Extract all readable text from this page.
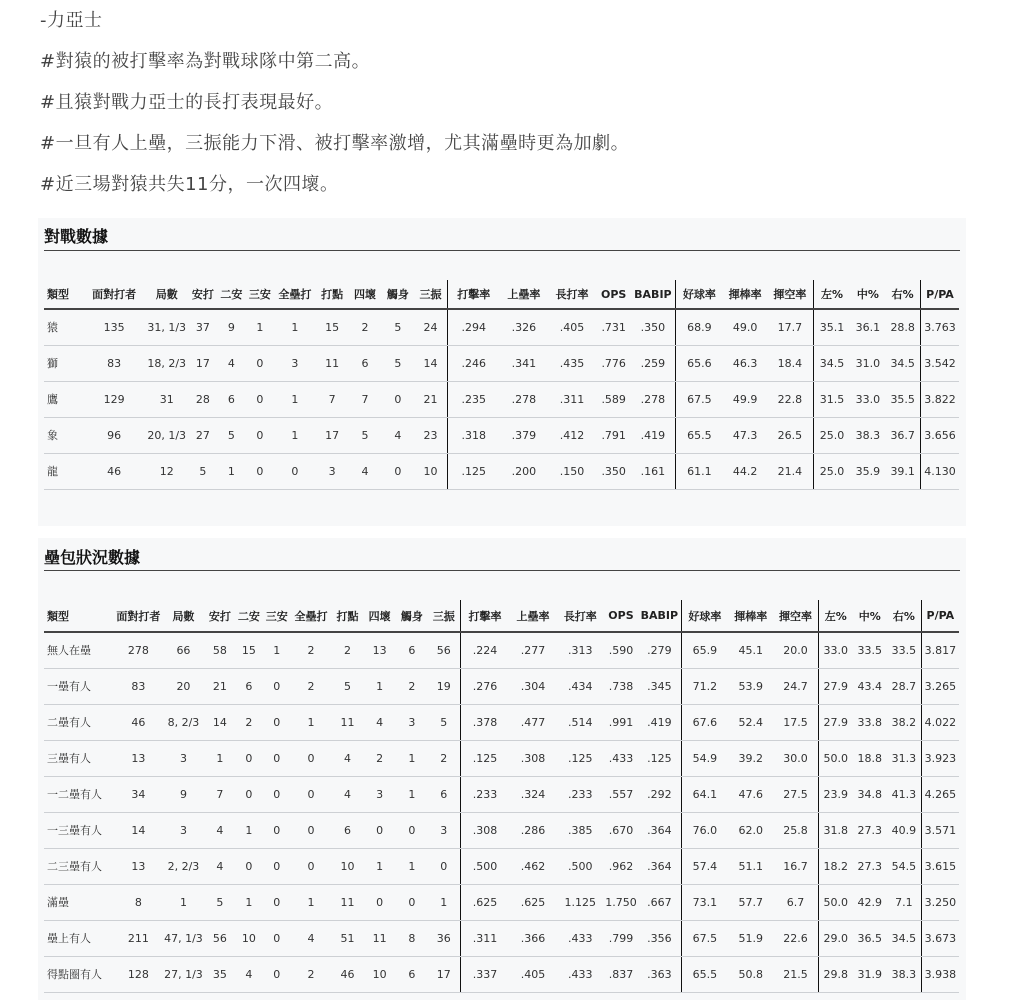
-力亞士

#對猿的被打擊率為對戰球隊中第二高。

#且猿對戰力亞士的長打表現最好。

#一旦有人上壘，三振能力下滑、被打擊率激增，尤其滿壘時更為加劇。

#近三場對猿共失11分，一次四壞。

對戰數據
類型	面對打者	局數	安打	二安	三安	全壘打	打點	四壞	觸身	三振	打擊率	上壘率	長打率	OPS	BABIP	好球率	揮棒率	揮空率	左%	中%	右%	P/PA
猿	135	31, 1/3	37	9	1	1	15	2	5	24	.294	.326	.405	.731	.350	68.9	49.0	17.7	35.1	36.1	28.8	3.763
獅	83	18, 2/3	17	4	0	3	11	6	5	14	.246	.341	.435	.776	.259	65.6	46.3	18.4	34.5	31.0	34.5	3.542
鷹	129	31	28	6	0	1	7	7	0	21	.235	.278	.311	.589	.278	67.5	49.9	22.8	31.5	33.0	35.5	3.822
象	96	20, 1/3	27	5	0	1	17	5	4	23	.318	.379	.412	.791	.419	65.5	47.3	26.5	25.0	38.3	36.7	3.656
龍	46	12	5	1	0	0	3	4	0	10	.125	.200	.150	.350	.161	61.1	44.2	21.4	25.0	35.9	39.1	4.130
壘包狀況數據
類型	面對打者	局數	安打	二安	三安	全壘打	打點	四壞	觸身	三振	打擊率	上壘率	長打率	OPS	BABIP	好球率	揮棒率	揮空率	左%	中%	右%	P/PA
無人在壘	278	66	58	15	1	2	2	13	6	56	.224	.277	.313	.590	.279	65.9	45.1	20.0	33.0	33.5	33.5	3.817
一壘有人	83	20	21	6	0	2	5	1	2	19	.276	.304	.434	.738	.345	71.2	53.9	24.7	27.9	43.4	28.7	3.265
二壘有人	46	8, 2/3	14	2	0	1	11	4	3	5	.378	.477	.514	.991	.419	67.6	52.4	17.5	27.9	33.8	38.2	4.022
三壘有人	13	3	1	0	0	0	4	2	1	2	.125	.308	.125	.433	.125	54.9	39.2	30.0	50.0	18.8	31.3	3.923
一二壘有人	34	9	7	0	0	0	4	3	1	6	.233	.324	.233	.557	.292	64.1	47.6	27.5	23.9	34.8	41.3	4.265
一三壘有人	14	3	4	1	0	0	6	0	0	3	.308	.286	.385	.670	.364	76.0	62.0	25.8	31.8	27.3	40.9	3.571
二三壘有人	13	2, 2/3	4	0	0	0	10	1	1	0	.500	.462	.500	.962	.364	57.4	51.1	16.7	18.2	27.3	54.5	3.615
滿壘	8	1	5	1	0	1	11	0	0	1	.625	.625	1.125	1.750	.667	73.1	57.7	6.7	50.0	42.9	7.1	3.250
壘上有人	211	47, 1/3	56	10	0	4	51	11	8	36	.311	.366	.433	.799	.356	67.5	51.9	22.6	29.0	36.5	34.5	3.673
得點圈有人	128	27, 1/3	35	4	0	2	46	10	6	17	.337	.405	.433	.837	.363	65.5	50.8	21.5	29.8	31.9	38.3	3.938
